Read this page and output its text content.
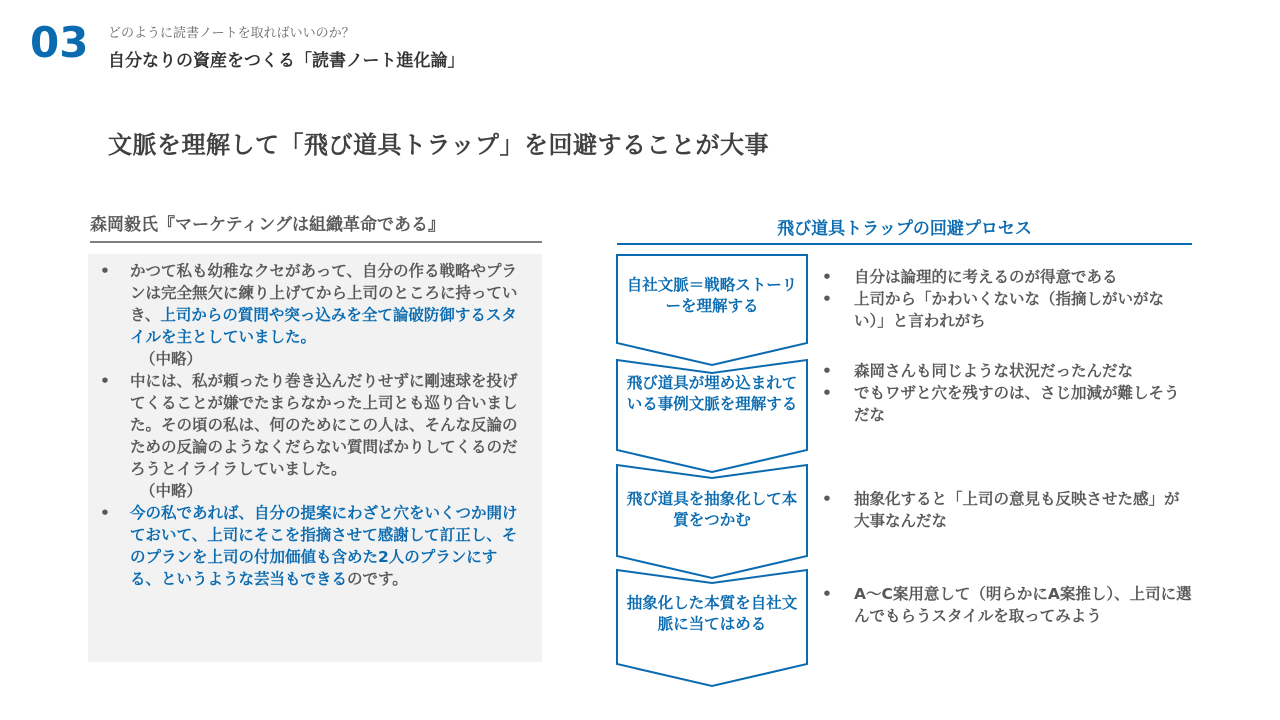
03 どのように読書ノートを取ればいいのか？
自分なりの資産をつくる「読書ノート進化論」
文脈を理解して「飛び道具トラップ」を回避することが大事
森岡毅氏『マーケティングは組織革命である』
• かつて私も幼稚なクセがあって、自分の作る戦略やプランは完全無欠に練り上げてから上司のところに持っていき、上司からの質問や突っ込みを全て論破防御するスタイルを主としていました。
（中略）
• 中には、私が頼ったり巻き込んだりせずに剛速球を投げてくることが嫌でたまらなかった上司とも巡り合いました。その頃の私は、何のためにこの人は、そんな反論のための反論のようなくだらない質問ばかりしてくるのだろうとイライラしていました。
（中略）
• 今の私であれば、自分の提案にわざと穴をいくつか開けておいて、上司にそこを指摘させて感謝して訂正し、そのプランを上司の付加価値も含めた2人のプランにする、というような芸当もできるのです。
飛び道具トラップの回避プロセス
自社文脈＝戦略ストーリーを理解する
飛び道具が埋め込まれている事例文脈を理解する
飛び道具を抽象化して本質をつかむ
抽象化した本質を自社文脈に当てはめる
• 自分は論理的に考えるのが得意である
• 上司から「かわいくないな（指摘しがいがない）」と言われがち
• 森岡さんも同じような状況だったんだな
• でもワザと穴を残すのは、さじ加減が難しそうだな
• 抽象化すると「上司の意見も反映させた感」が大事なんだな
• A～C案用意して（明らかにA案推し）、上司に選んでもらうスタイルを取ってみよう
